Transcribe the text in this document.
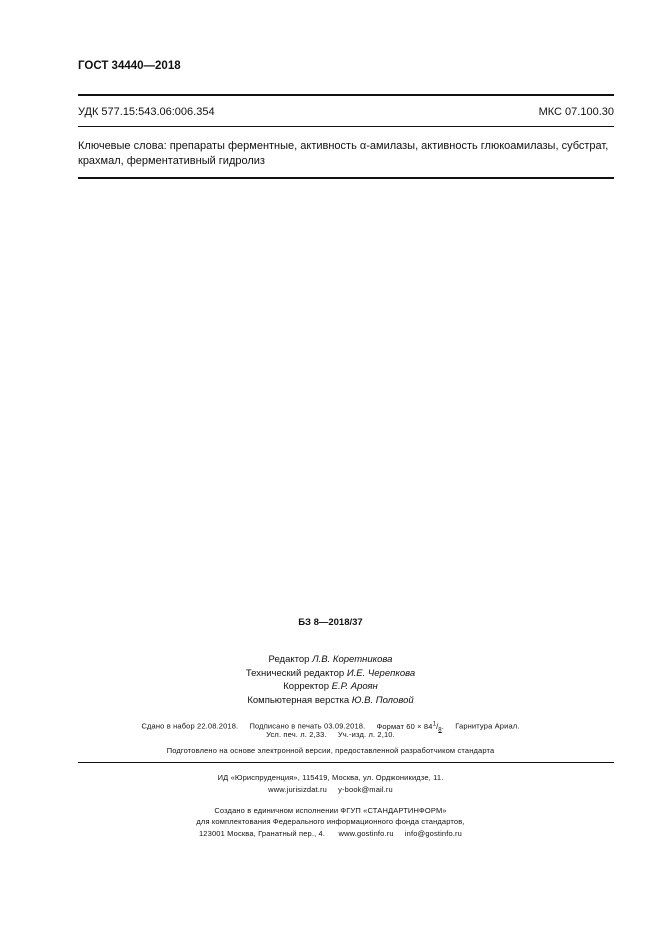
ГОСТ 34440—2018
УДК 577.15:543.06:006.354	МКС 07.100.30
Ключевые слова: препараты ферментные, активность α-амилазы, активность глюкоамилазы, субстрат,
крахмал, ферментативный гидролиз
БЗ 8—2018/37
Редактор Л.В. Коретникова
Технический редактор И.Е. Черепкова
Корректор Е.Р. Ароян
Компьютерная верстка Ю.В. Половой
Сдано в набор 22.08.2018. Подписано в печать 03.09.2018. Формат $60 \times 84^1/_8$. Гарнитура Ариал.
Усл. печ. л. 2,33. Уч.-изд. л. 2,10.
Подготовлено на основе электронной версии, предоставленной разработчиком стандарта
ИД «Юриспруденция», 115419, Москва, ул. Орджоникидзе, 11.
www.jurisizdat.ru     y-book@mail.ru
Создано в единичном исполнении ФГУП «СТАНДАРТИНФОРМ»
для комплектования Федерального информационного фонда стандартов,
123001 Москва, Гранатный пер., 4.      www.gostinfo.ru     info@gostinfo.ru
